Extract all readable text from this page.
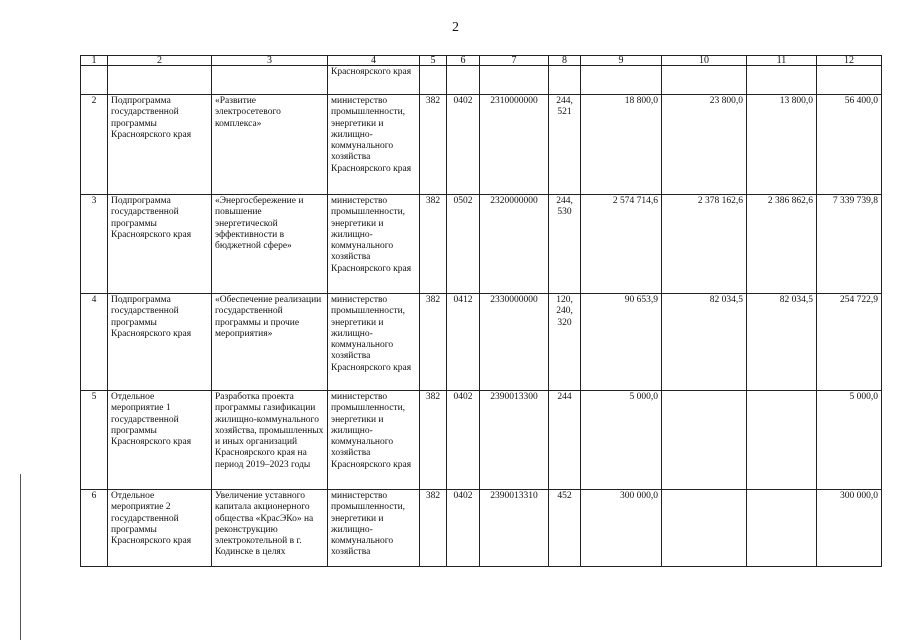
2
1	2	3	4	5	6	7	8	9	10	11	12
			Красноярского края								
2	Подпрограмма государственной программы Красноярского края	«Развитие электросетевого комплекса»	министерство промышленности, энергетики и жилищно-коммунального хозяйства Красноярского края	382	0402	2310000000	244, 521	18 800,0	23 800,0	13 800,0	56 400,0
3	Подпрограмма государственной программы Красноярского края	«Энергосбережение и повышение энергетической эффективности в бюджетной сфере»	министерство промышленности, энергетики и жилищно-коммунального хозяйства Красноярского края	382	0502	2320000000	244, 530	2 574 714,6	2 378 162,6	2 386 862,6	7 339 739,8
4	Подпрограмма государственной программы Красноярского края	«Обеспечение реализации государственной программы и прочие мероприятия»	министерство промышленности, энергетики и жилищно-коммунального хозяйства Красноярского края	382	0412	2330000000	120, 240, 320	90 653,9	82 034,5	82 034,5	254 722,9
5	Отдельное мероприятие 1 государственной программы Красноярского края	Разработка проекта программы газификации жилищно-коммунального хозяйства, промышленных и иных организаций Красноярского края на период 2019–2023 годы	министерство промышленности, энергетики и жилищно-коммунального хозяйства Красноярского края	382	0402	2390013300	244	5 000,0			5 000,0
6	Отдельное мероприятие 2 государственной программы Красноярского края	Увеличение уставного капитала акционерного общества «КрасЭКо» на реконструкцию электрокотельной в г. Кодинске в целях	министерство промышленности, энергетики и жилищно-коммунального хозяйства	382	0402	2390013310	452	300 000,0			300 000,0
